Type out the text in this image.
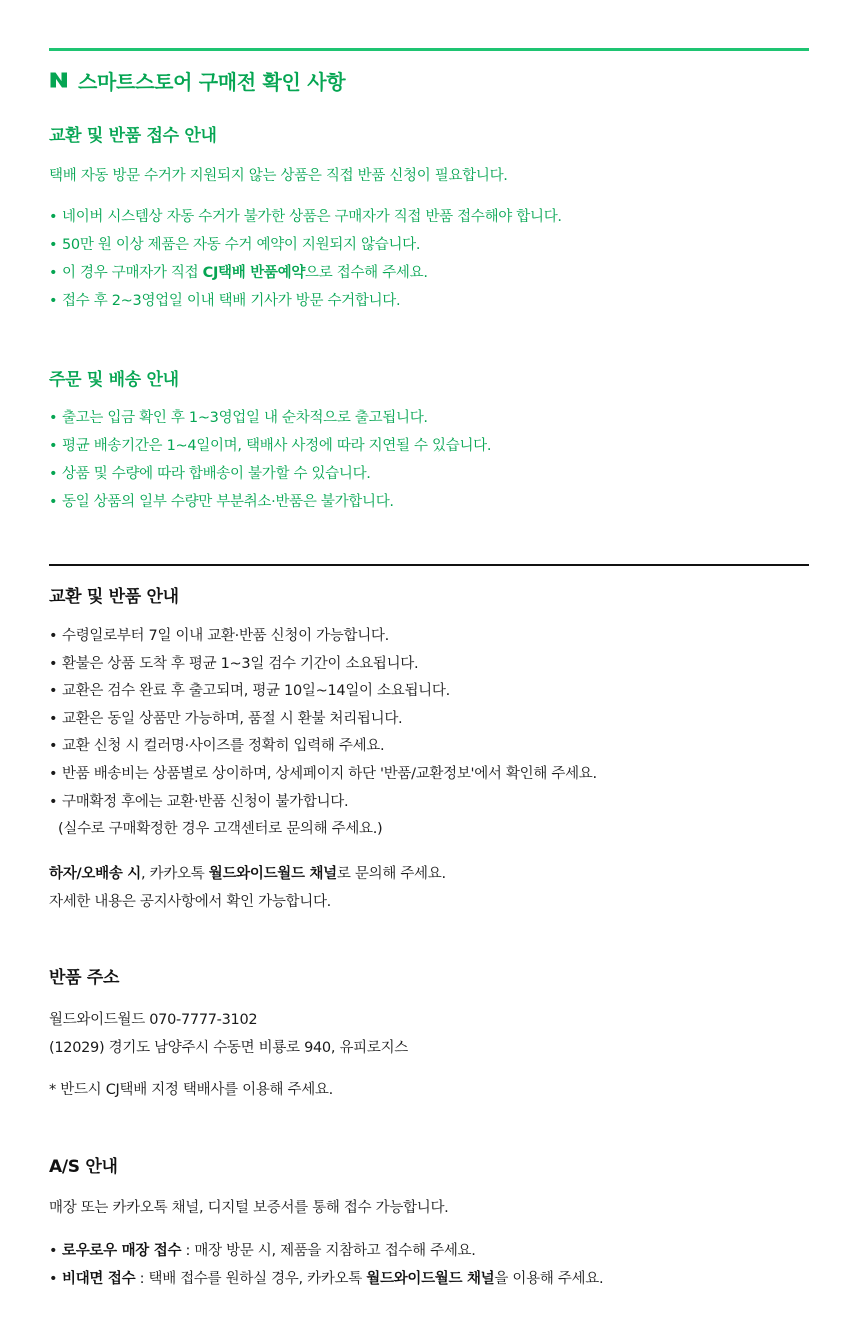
스마트스토어 구매전 확인 사항
교환 및 반품 접수 안내
택배 자동 방문 수거가 지원되지 않는 상품은 직접 반품 신청이 필요합니다.
• 네이버 시스템상 자동 수거가 불가한 상품은 구매자가 직접 반품 접수해야 합니다.
• 50만 원 이상 제품은 자동 수거 예약이 지원되지 않습니다.
• 이 경우 구매자가 직접 CJ택배 반품예약으로 접수해 주세요.
• 접수 후 2~3영업일 이내 택배 기사가 방문 수거합니다.
주문 및 배송 안내
• 출고는 입금 확인 후 1~3영업일 내 순차적으로 출고됩니다.
• 평균 배송기간은 1~4일이며, 택배사 사정에 따라 지연될 수 있습니다.
• 상품 및 수량에 따라 합배송이 불가할 수 있습니다.
• 동일 상품의 일부 수량만 부분취소·반품은 불가합니다.
교환 및 반품 안내
• 수령일로부터 7일 이내 교환·반품 신청이 가능합니다.
• 환불은 상품 도착 후 평균 1~3일 검수 기간이 소요됩니다.
• 교환은 검수 완료 후 출고되며, 평균 10일~14일이 소요됩니다.
• 교환은 동일 상품만 가능하며, 품절 시 환불 처리됩니다.
• 교환 신청 시 컬러명·사이즈를 정확히 입력해 주세요.
• 반품 배송비는 상품별로 상이하며, 상세페이지 하단 '반품/교환정보'에서 확인해 주세요.
• 구매확정 후에는 교환·반품 신청이 불가합니다.
(실수로 구매확정한 경우 고객센터로 문의해 주세요.)
하자/오배송 시, 카카오톡 월드와이드월드 채널로 문의해 주세요.
자세한 내용은 공지사항에서 확인 가능합니다.
반품 주소
월드와이드월드 070-7777-3102
(12029) 경기도 남양주시 수동면 비룡로 940, 유피로지스
* 반드시 CJ택배 지정 택배사를 이용해 주세요.
A/S 안내
매장 또는 카카오톡 채널, 디지털 보증서를 통해 접수 가능합니다.
• 로우로우 매장 접수 : 매장 방문 시, 제품을 지참하고 접수해 주세요.
• 비대면 접수 : 택배 접수를 원하실 경우, 카카오톡 월드와이드월드 채널을 이용해 주세요.
